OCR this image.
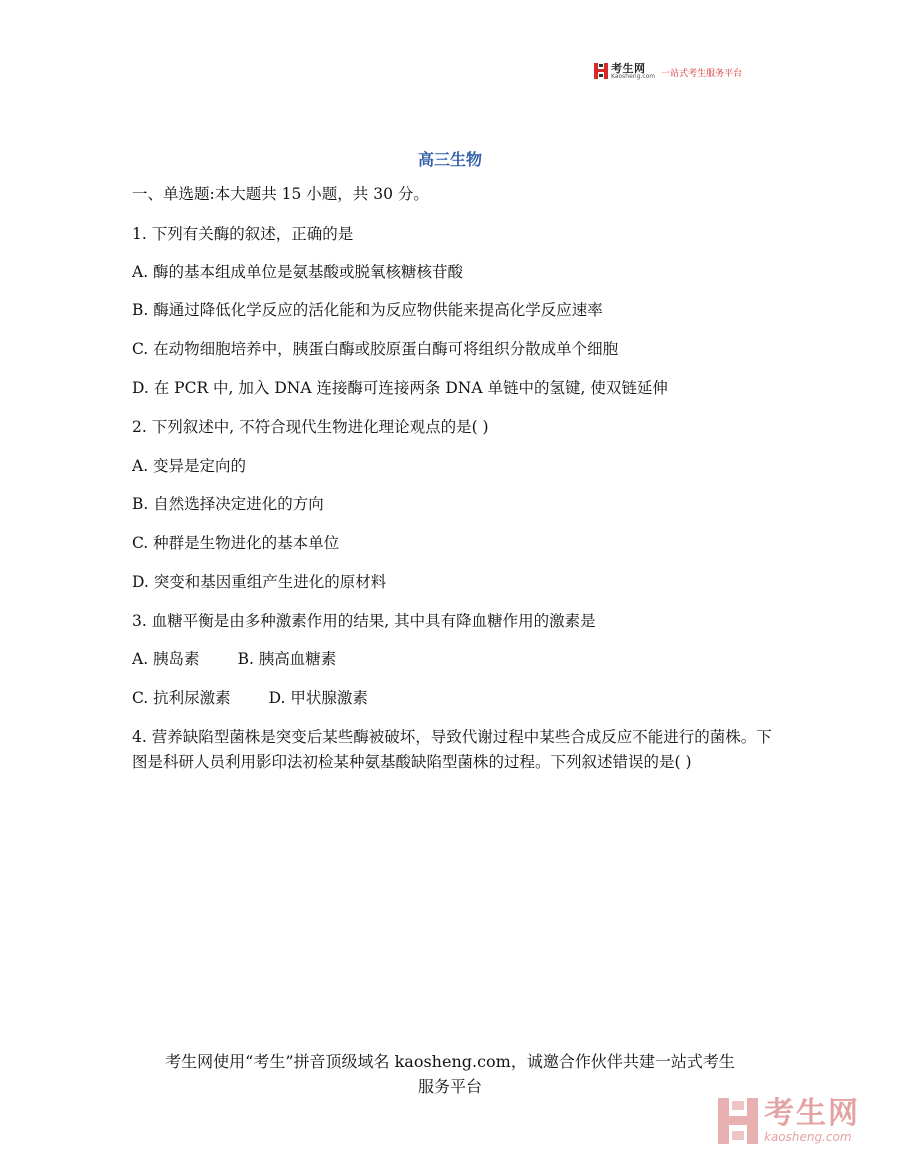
考生网
Kaosheng.com 一站式考生服务平台
高三生物
一、单选题:本大题共 15 小题，共 30 分。
1. 下列有关酶的叙述，正确的是
A. 酶的基本组成单位是氨基酸或脱氧核糖核苷酸
B. 酶通过降低化学反应的活化能和为反应物供能来提高化学反应速率
C. 在动物细胞培养中，胰蛋白酶或胶原蛋白酶可将组织分散成单个细胞
D. 在 PCR 中, 加入 DNA 连接酶可连接两条 DNA 单链中的氢键, 使双链延伸
2. 下列叙述中, 不符合现代生物进化理论观点的是( )
A. 变异是定向的
B. 自然选择决定进化的方向
C. 种群是生物进化的基本单位
D. 突变和基因重组产生进化的原材料
3. 血糖平衡是由多种激素作用的结果, 其中具有降血糖作用的激素是
A. 胰岛素 B. 胰高血糖素
C. 抗利尿激素 D. 甲状腺激素
4. 营养缺陷型菌株是突变后某些酶被破坏，导致代谢过程中某些合成反应不能进行的菌株。下图是科研人员利用影印法初检某种氨基酸缺陷型菌株的过程。下列叙述错误的是( )
考生网使用“考生”拼音顶级域名 kaosheng.com，诚邀合作伙伴共建一站式考生
服务平台
考生网
kaosheng.com
